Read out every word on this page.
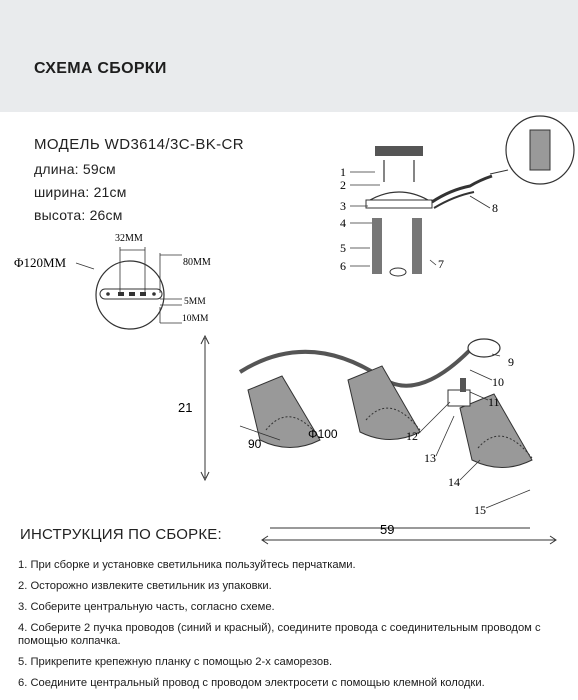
СХЕМА СБОРКИ
МОДЕЛЬ WD3614/3C-BK-CR
длина: 59см
ширина: 21см
высота: 26см
32ММ
Φ120ММ	80ММ
5ММ
10ММ
1
2
3
4
5
6	7
8
21
90
Φ100
9
10
11
12
13
14
15
59
ИНСТРУКЦИЯ ПО СБОРКЕ:
1. При сборке и установке светильника пользуйтесь перчатками.
2. Осторожно извлеките светильник из упаковки.
3. Соберите центральную часть, согласно схеме.
4. Соберите 2 пучка проводов (синий и красный), соедините провода с соединительным проводом с помощью колпачка.
5. Прикрепите крепежную планку с помощью 2-х саморезов.
6. Соедините центральный провод с проводом электросети с помощью клемной колодки.
